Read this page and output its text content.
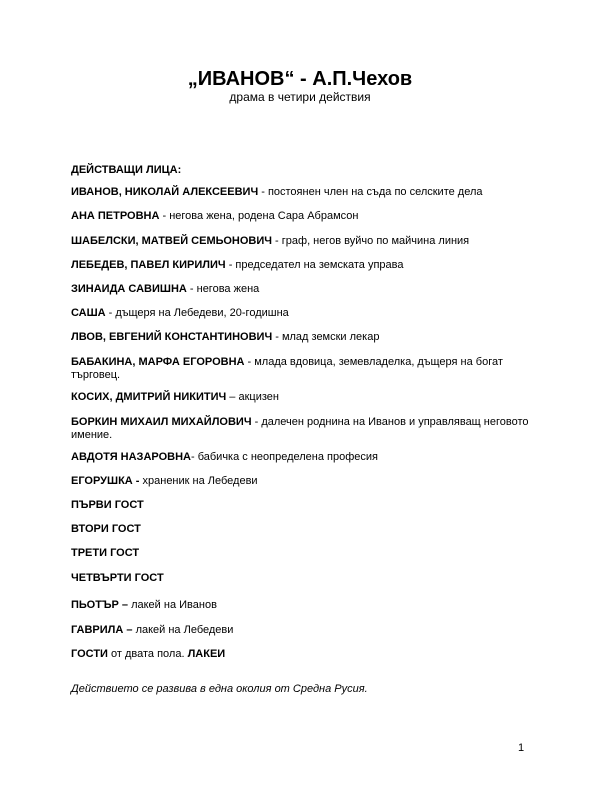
„ИВАНОВ“ - А.П.Чехов

драма в четири действия

ДЕЙСТВАЩИ ЛИЦА:
ИВАНОВ, НИКОЛАЙ АЛЕКСЕЕВИЧ - постоянен член на съда по селските дела
АНА ПЕТРОВНА - негова жена, родена Сара Абрамсон
ШАБЕЛСКИ, МАТВЕЙ СЕМЬОНОВИЧ - граф, негов вуйчо по майчина линия
ЛЕБЕДЕВ, ПАВЕЛ КИРИЛИЧ - председател на земската управа
ЗИНАИДА САВИШНА - негова жена
САША - дъщеря на Лебедеви, 20-годишна
ЛВОВ, ЕВГЕНИЙ КОНСТАНТИНОВИЧ - млад земски лекар
БАБАКИНА, МАРФА ЕГОРОВНА - млада вдовица, земевладелка, дъщеря на богат търговец.
КОСИХ, ДМИТРИЙ НИКИТИЧ – акцизен
БОРКИН МИХАИЛ МИХАЙЛОВИЧ - далечен роднина на Иванов и управляващ неговото имение.
АВДОТЯ НАЗАРОВНА- бабичка с неопределена професия
ЕГОРУШКА - храненик на Лебедеви
ПЪРВИ ГОСТ
ВТОРИ ГОСТ
ТРЕТИ ГОСТ
ЧЕТВЪРТИ ГОСТ
ПЬОТЪР – лакей на Иванов
ГАВРИЛА – лакей на Лебедеви
ГОСТИ от двата пола. ЛАКЕИ
Действието се развива в една околия от Средна Русия.
1
